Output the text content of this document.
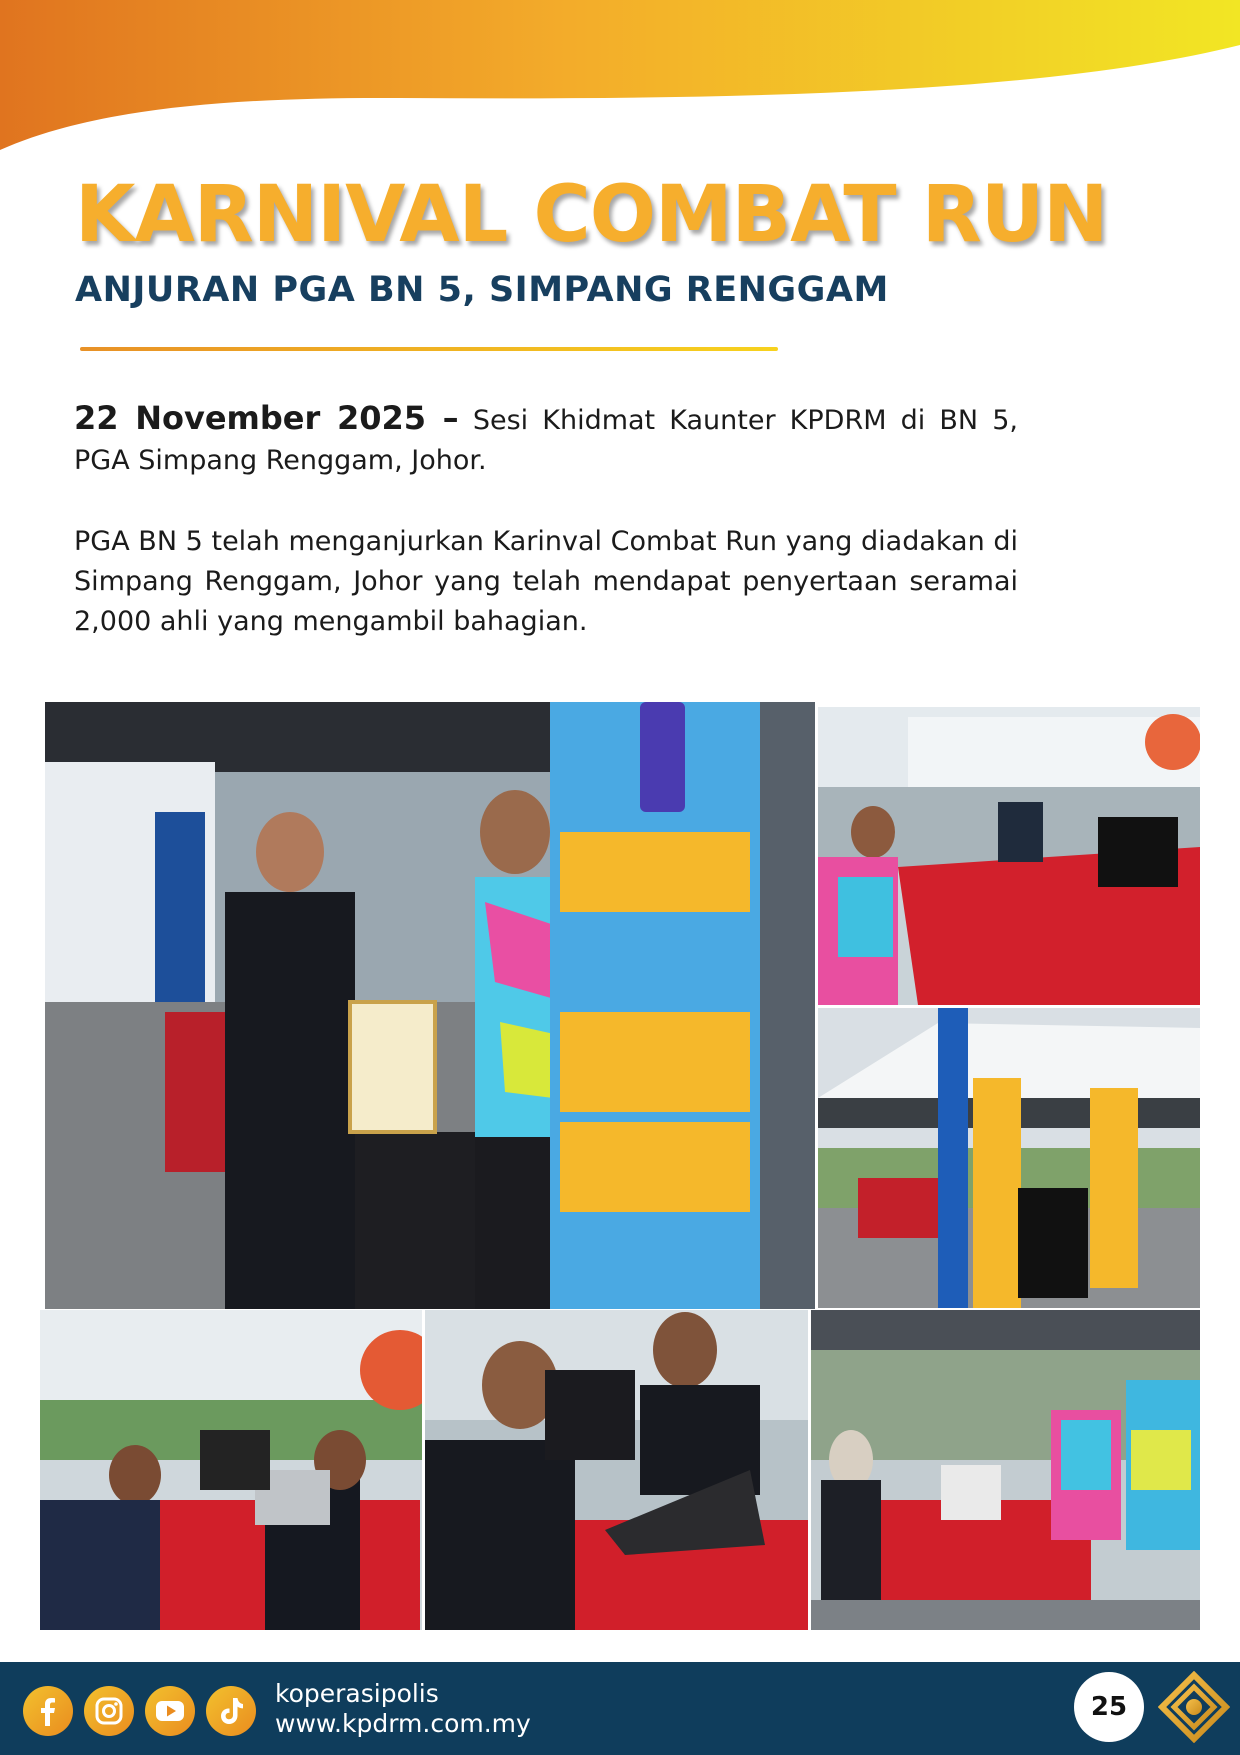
KARNIVAL COMBAT RUN
ANJURAN PGA BN 5, SIMPANG RENGGAM

22 November 2025 – Sesi Khidmat Kaunter KPDRM di BN 5, PGA Simpang Renggam, Johor.

PGA BN 5 telah menganjurkan Karinval Combat Run yang diadakan di Simpang Renggam, Johor yang telah mendapat penyertaan seramai 2,000 ahli yang mengambil bahagian.

koperasipolis
www.kpdrm.com.my
25
